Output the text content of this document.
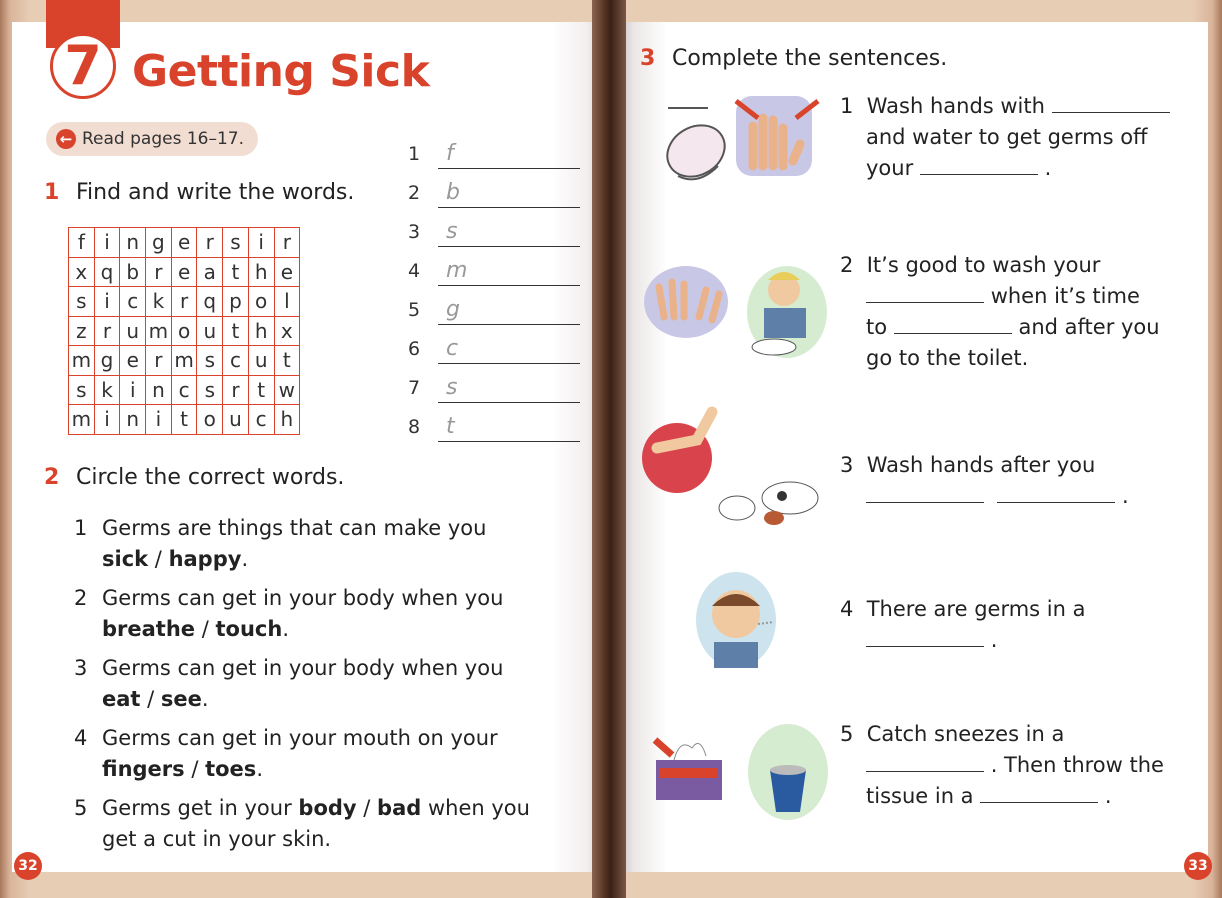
7 Getting Sick
← Read pages 16–17.
1 Find and write the words.
f	i	n	g	e	r	s	i	r
x	q	b	r	e	a	t	h	e
s	i	c	k	r	q	p	o	l
z	r	u	m	o	u	t	h	x
m	g	e	r	m	s	c	u	t
s	k	i	n	c	s	r	t	w
m	i	n	i	t	o	u	c	h
1	f
2	b
3	s
4	m
5	g
6	c
7	s
8	t
2 Circle the correct words.
1 Germs are things that can make you
sick / happy.
2 Germs can get in your body when you
breathe / touch.
3 Germs can get in your body when you
eat / see.
4 Germs can get in your mouth on your
fingers / toes.
5 Germs get in your body / bad when you
get a cut in your skin.
32
3 Complete the sentences.
1 Wash hands with
and water to get germs off
your	.
2 It’s good to wash your
when it’s time
to	and after you
go to the toilet.
3 Wash hands after you
.
4 There are germs in a
.
5 Catch sneezes in a
. Then throw the
tissue in a	.
33
